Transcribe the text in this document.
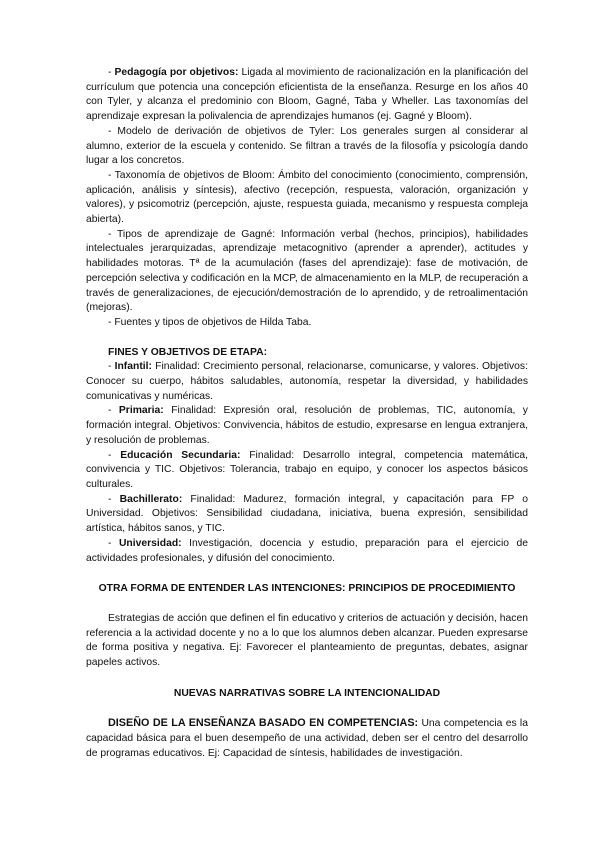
- Pedagogía por objetivos: Ligada al movimiento de racionalización en la planificación del currículum que potencia una concepción eficientista de la enseñanza. Resurge en los años 40 con Tyler, y alcanza el predominio con Bloom, Gagné, Taba y Wheller. Las taxonomías del aprendizaje expresan la polivalencia de aprendizajes humanos (ej. Gagné y Bloom).

- Modelo de derivación de objetivos de Tyler: Los generales surgen al considerar al alumno, exterior de la escuela y contenido. Se filtran a través de la filosofía y psicología dando lugar a los concretos.

- Taxonomía de objetivos de Bloom: Ámbito del conocimiento (conocimiento, comprensión, aplicación, análisis y síntesis), afectivo (recepción, respuesta, valoración, organización y valores), y psicomotriz (percepción, ajuste, respuesta guiada, mecanismo y respuesta compleja abierta).

- Tipos de aprendizaje de Gagné: Información verbal (hechos, principios), habilidades intelectuales jerarquizadas, aprendizaje metacognitivo (aprender a aprender), actitudes y habilidades motoras. Tª de la acumulación (fases del aprendizaje): fase de motivación, de percepción selectiva y codificación en la MCP, de almacenamiento en la MLP, de recuperación a través de generalizaciones, de ejecución/demostración de lo aprendido, y de retroalimentación (mejoras).

- Fuentes y tipos de objetivos de Hilda Taba.

FINES Y OBJETIVOS DE ETAPA:

- Infantil: Finalidad: Crecimiento personal, relacionarse, comunicarse, y valores. Objetivos: Conocer su cuerpo, hábitos saludables, autonomía, respetar la diversidad, y habilidades comunicativas y numéricas.

- Primaria: Finalidad: Expresión oral, resolución de problemas, TIC, autonomía, y formación integral. Objetivos: Convivencia, hábitos de estudio, expresarse en lengua extranjera, y resolución de problemas.

- Educación Secundaria: Finalidad: Desarrollo integral, competencia matemática, convivencia y TIC. Objetivos: Tolerancia, trabajo en equipo, y conocer los aspectos básicos culturales.

- Bachillerato: Finalidad: Madurez, formación integral, y capacitación para FP o Universidad. Objetivos: Sensibilidad ciudadana, iniciativa, buena expresión, sensibilidad artística, hábitos sanos, y TIC.

- Universidad: Investigación, docencia y estudio, preparación para el ejercicio de actividades profesionales, y difusión del conocimiento.

OTRA FORMA DE ENTENDER LAS INTENCIONES: PRINCIPIOS DE PROCEDIMIENTO

Estrategias de acción que definen el fin educativo y criterios de actuación y decisión, hacen referencia a la actividad docente y no a lo que los alumnos deben alcanzar. Pueden expresarse de forma positiva y negativa. Ej: Favorecer el planteamiento de preguntas, debates, asignar papeles activos.

NUEVAS NARRATIVAS SOBRE LA INTENCIONALIDAD

DISEÑO DE LA ENSEÑANZA BASADO EN COMPETENCIAS: Una competencia es la capacidad básica para el buen desempeño de una actividad, deben ser el centro del desarrollo de programas educativos. Ej: Capacidad de síntesis, habilidades de investigación.
